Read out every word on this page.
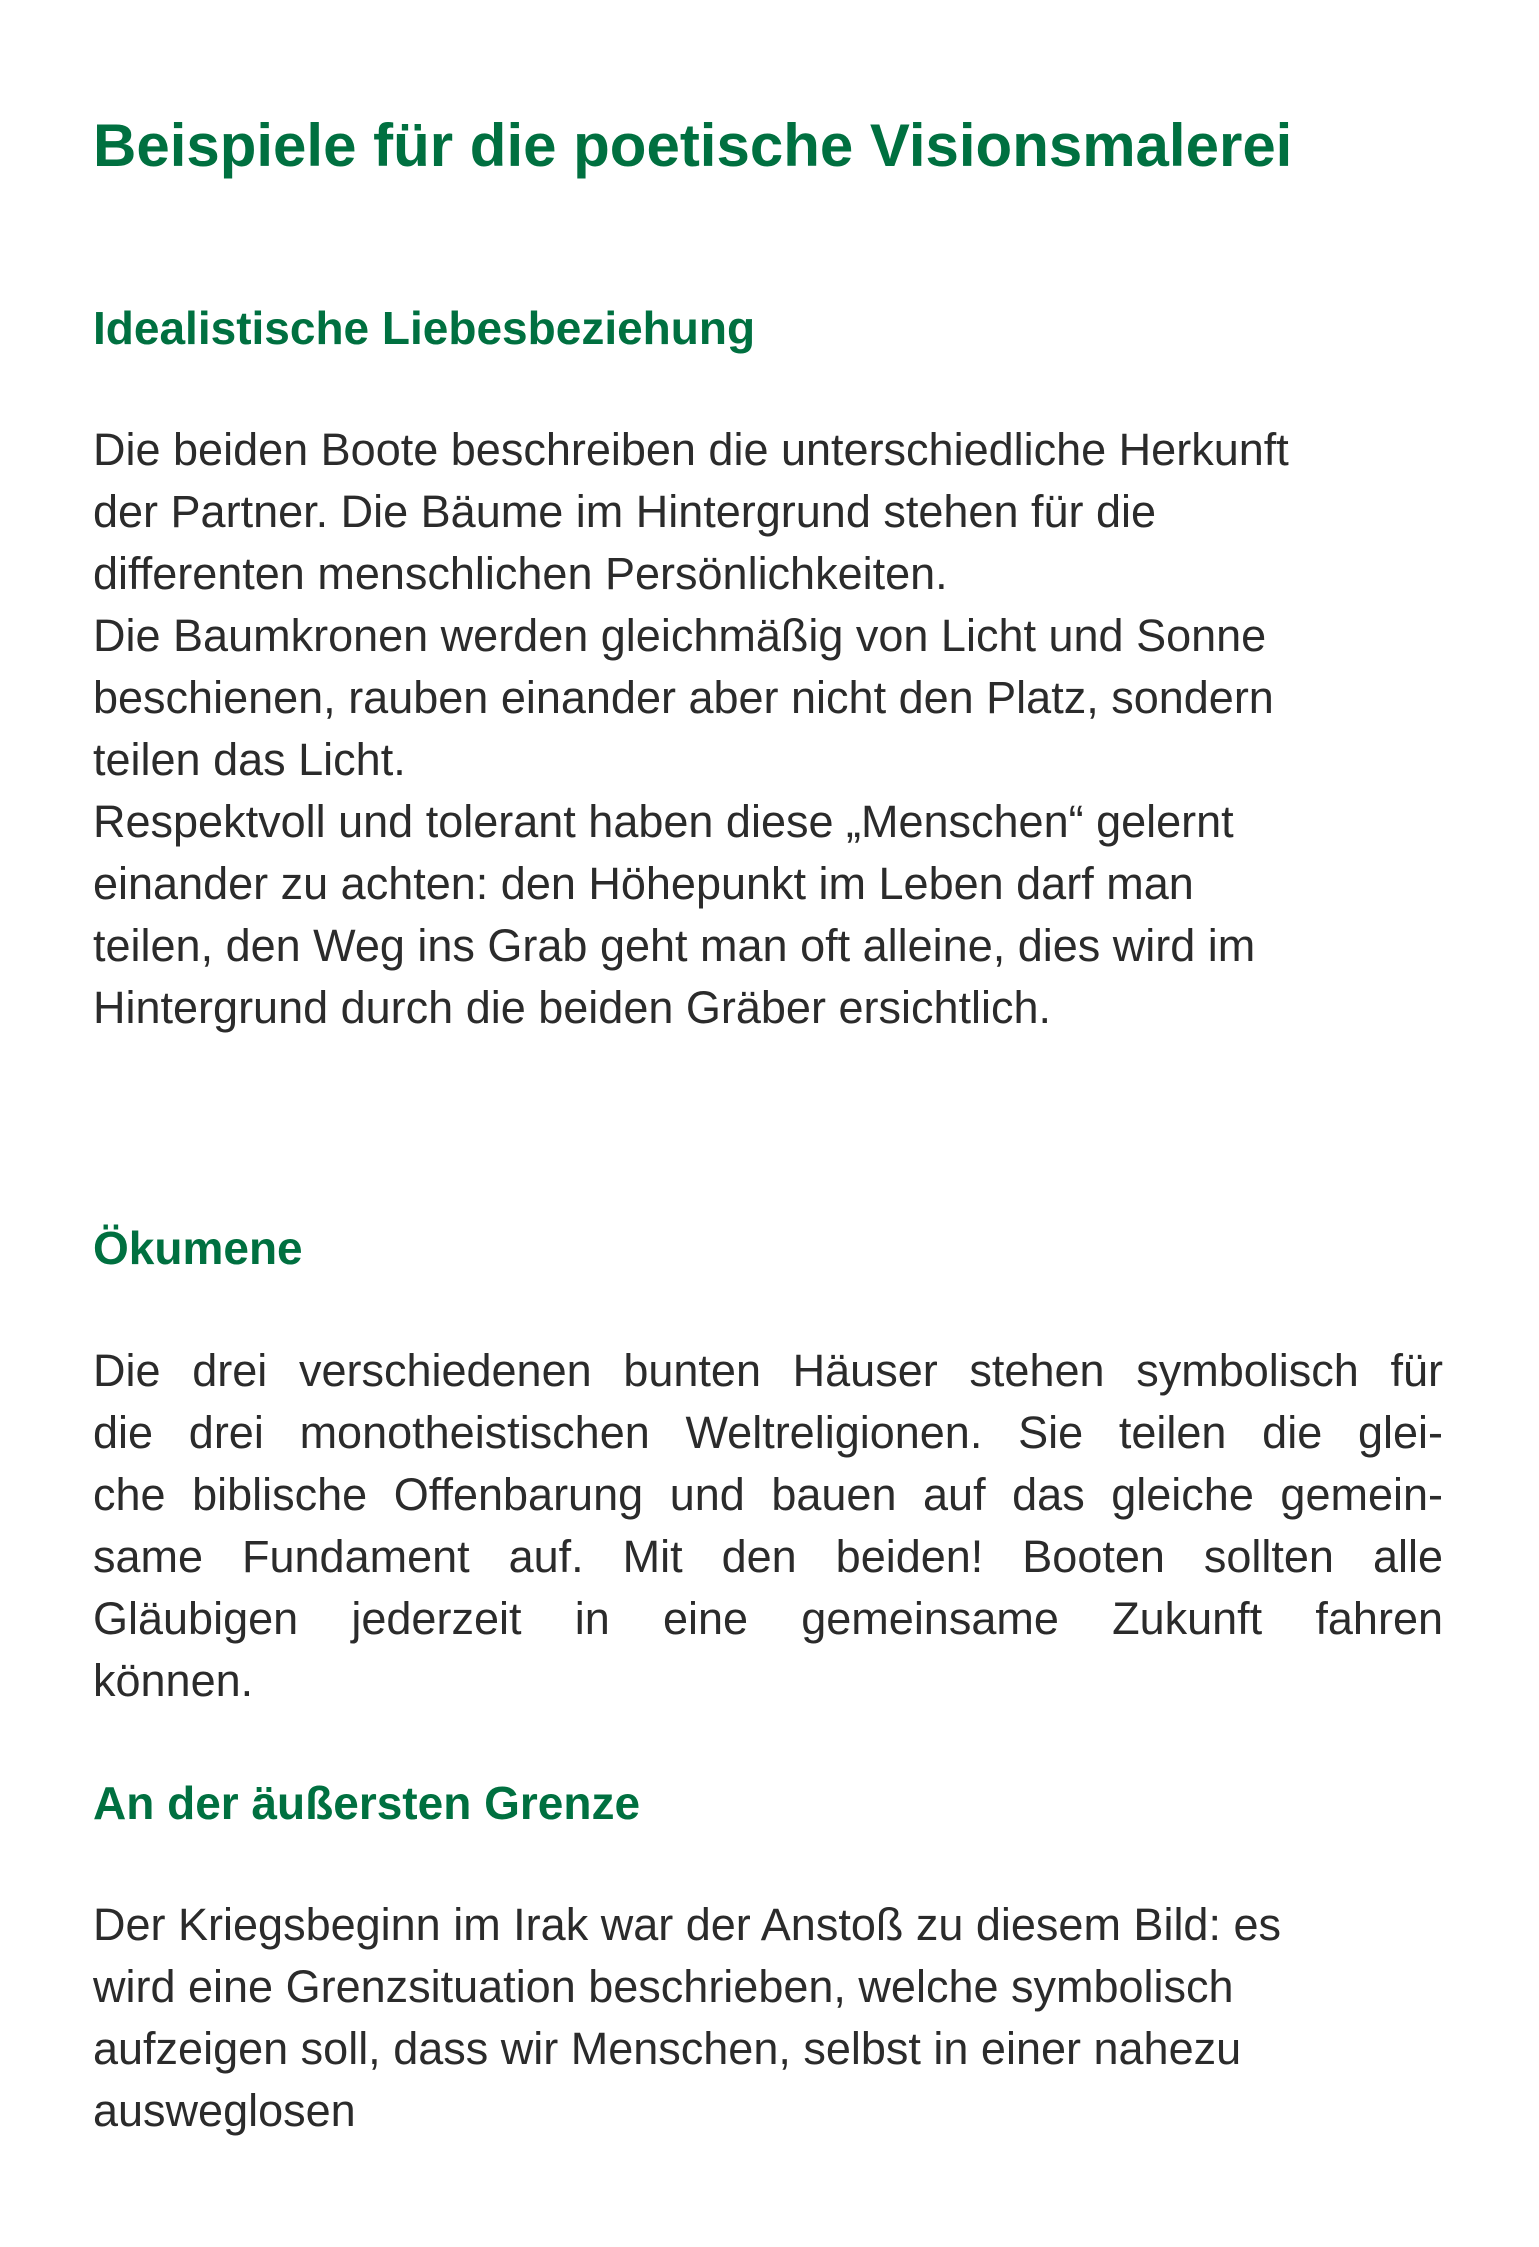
Beispiele für die poetische Visionsmalerei
Idealistische Liebesbeziehung
Die beiden Boote beschreiben die unterschiedliche Herkunft
der Partner. Die Bäume im Hintergrund stehen für die
differenten menschlichen Persönlichkeiten.
Die Baumkronen werden gleichmäßig von Licht und Sonne
beschienen, rauben einander aber nicht den Platz, sondern
teilen das Licht.
Respektvoll und tolerant haben diese „Menschen“ gelernt
einander zu achten: den Höhepunkt im Leben darf man
teilen, den Weg ins Grab geht man oft alleine, dies wird im
Hintergrund durch die beiden Gräber ersichtlich.
Ökumene
Die drei verschiedenen bunten Häuser stehen symbolisch für
die drei monotheistischen Weltreligionen. Sie teilen die glei-
che biblische Offenbarung und bauen auf das gleiche gemein-
same Fundament auf. Mit den beiden! Booten sollten alle
Gläubigen jederzeit in eine gemeinsame Zukunft fahren
können.
An der äußersten Grenze
Der Kriegsbeginn im Irak war der Anstoß zu diesem Bild: es
wird eine Grenzsituation beschrieben, welche symbolisch
aufzeigen soll, dass wir Menschen, selbst in einer nahezu
ausweglosen
